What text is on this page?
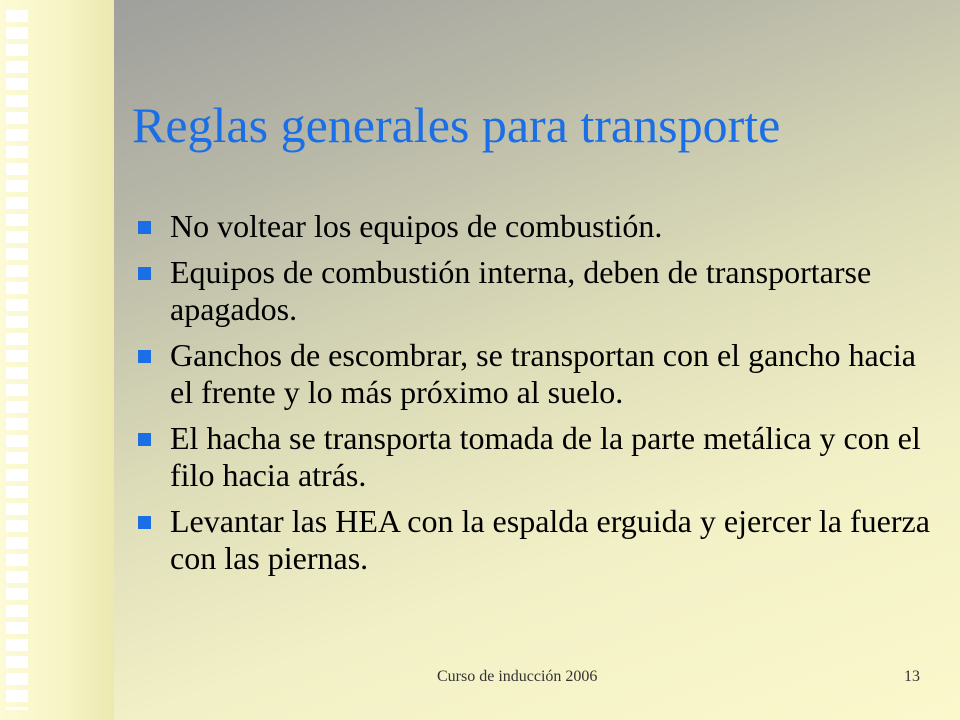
Reglas generales para transporte
No voltear los equipos de combustión.
Equipos de combustión interna, deben de transportarse apagados.
Ganchos de escombrar, se transportan con el gancho hacia el frente y lo más próximo al suelo.
El hacha se transporta tomada de la parte metálica y con el filo hacia atrás.
Levantar las HEA con la espalda erguida y ejercer la fuerza con las piernas.
Curso de inducción 2006	13
